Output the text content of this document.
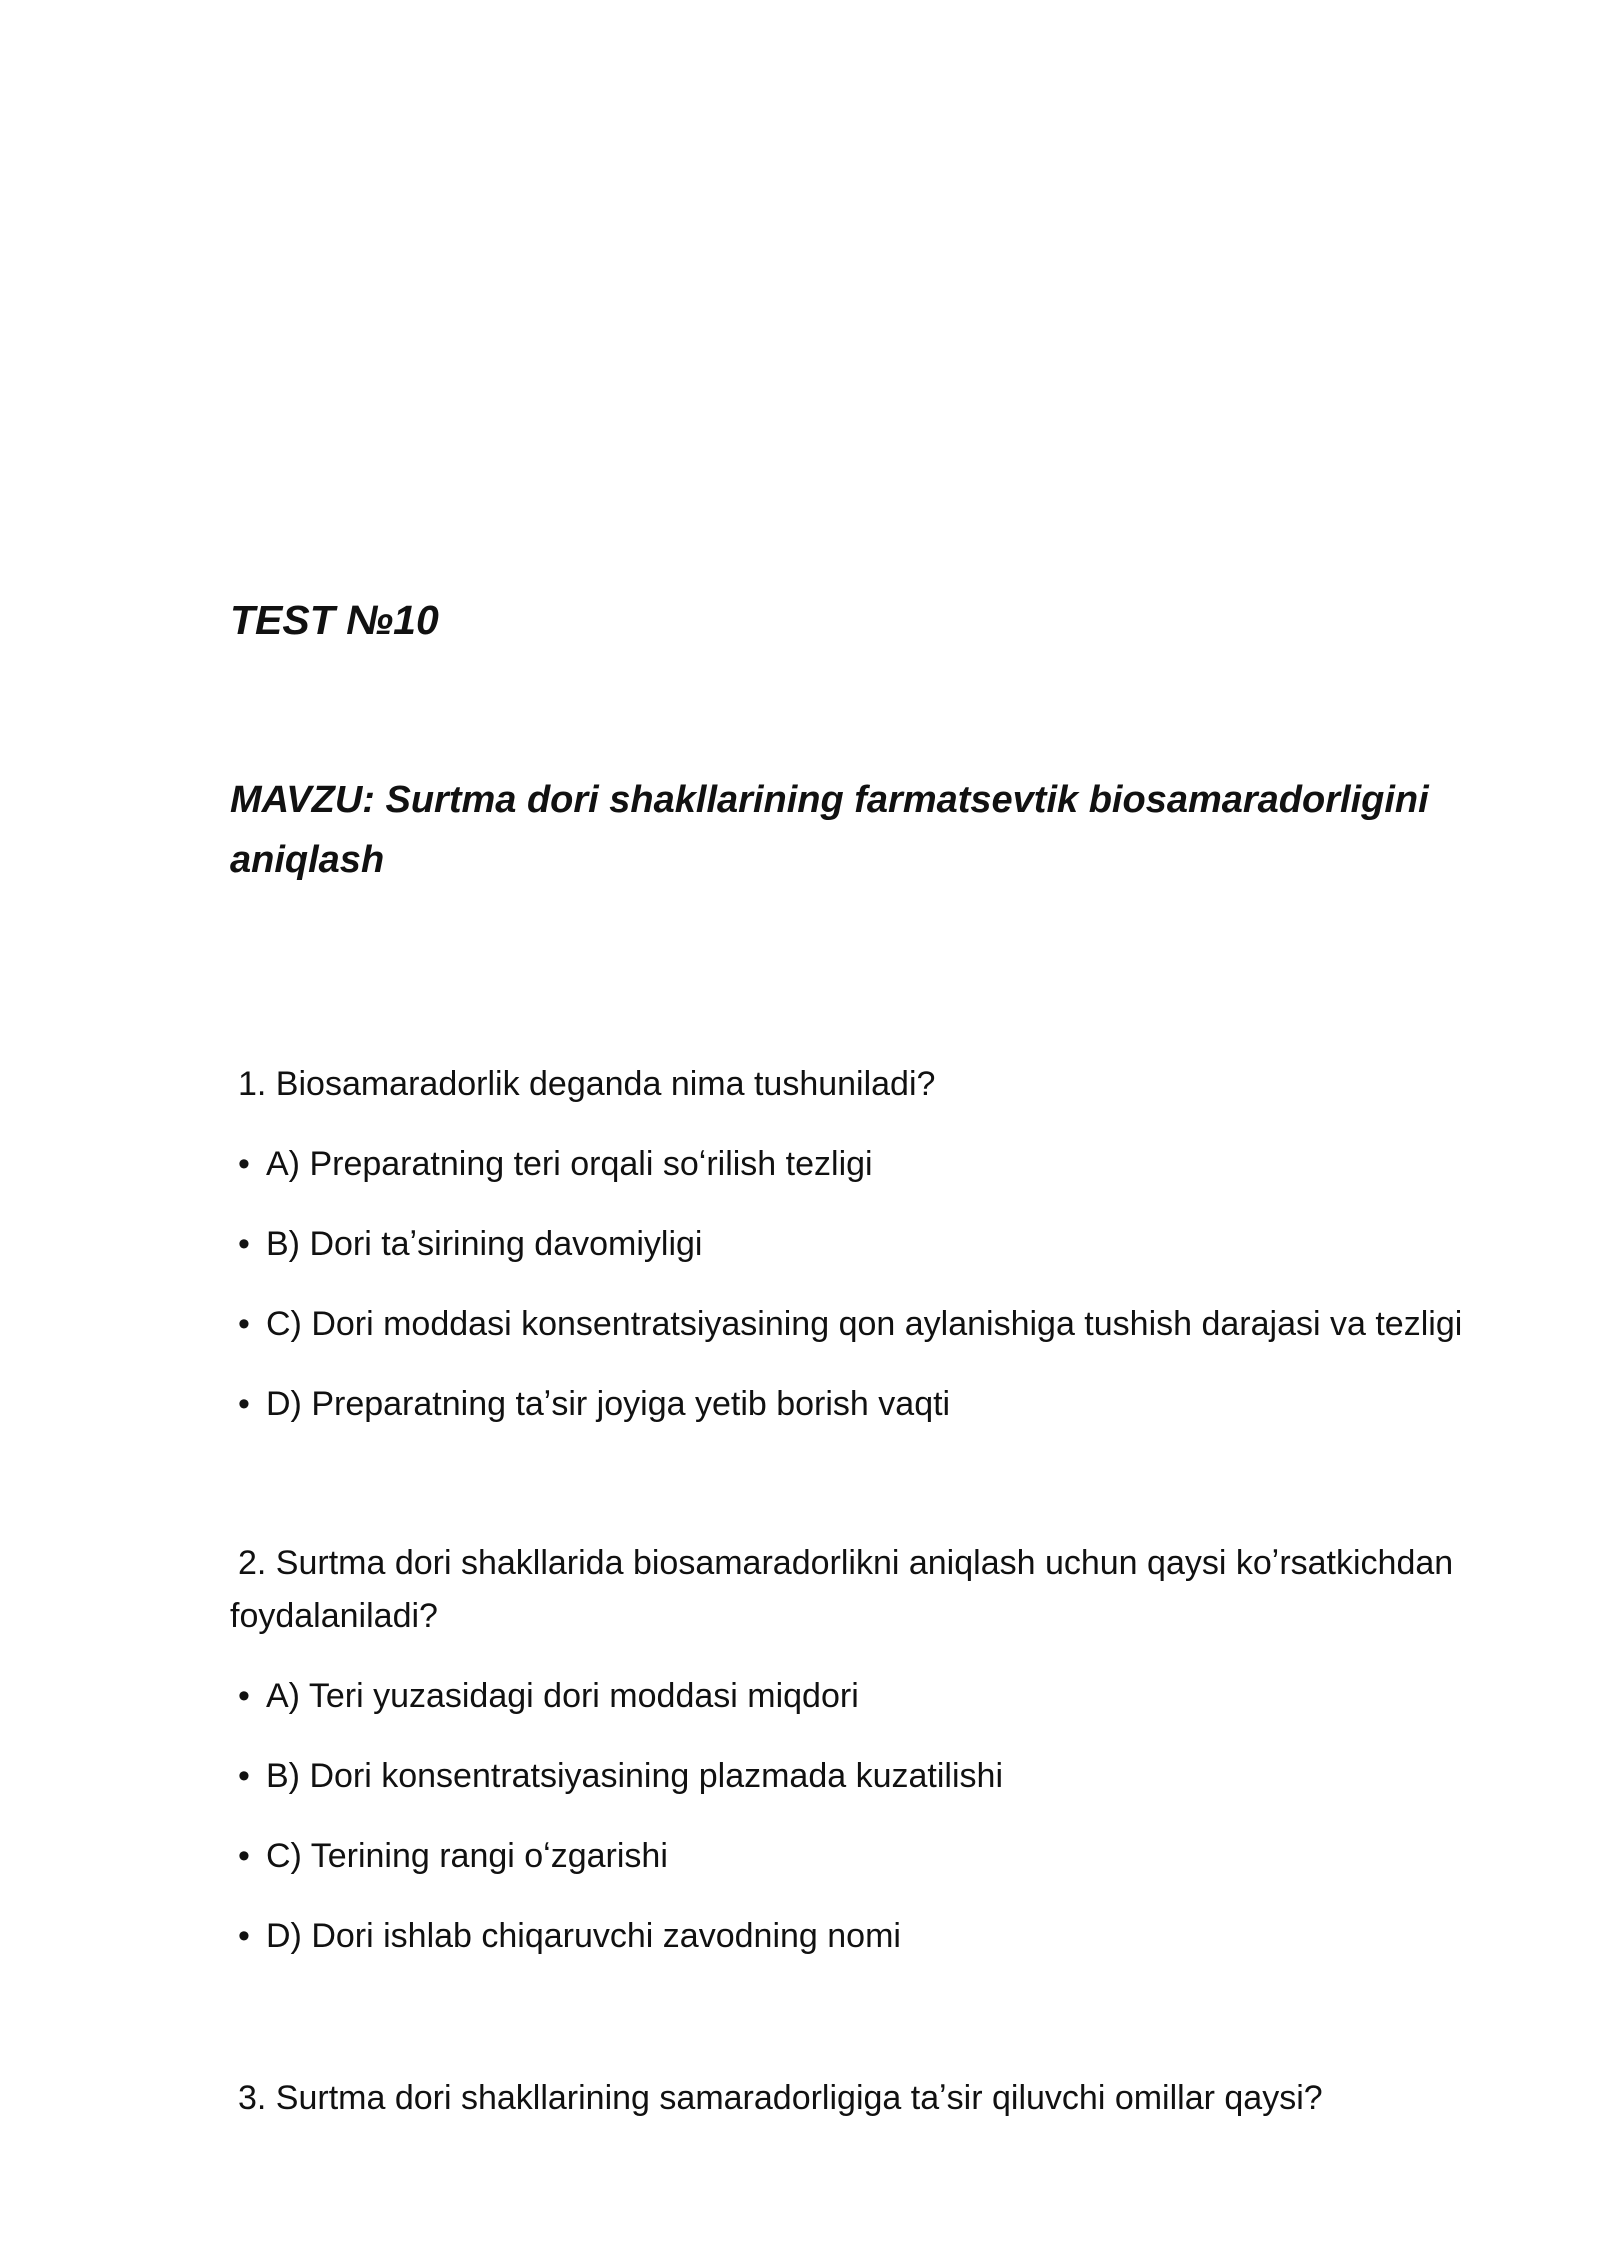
TEST №10
MAVZU: Surtma dori shakllarining farmatsevtik biosamaradorligini aniqlash

1. Biosamaradorlik deganda nima tushuniladi?

• A) Preparatning teri orqali soʻrilish tezligi
• B) Dori taʼsirining davomiyligi
• C) Dori moddasi konsentratsiyasining qon aylanishiga tushish darajasi va tezligi
• D) Preparatning taʼsir joyiga yetib borish vaqti

2. Surtma dori shakllarida biosamaradorlikni aniqlash uchun qaysi koʼrsatkichdan foydalaniladi?

• A) Teri yuzasidagi dori moddasi miqdori
• B) Dori konsentratsiyasining plazmada kuzatilishi
• C) Terining rangi oʻzgarishi
• D) Dori ishlab chiqaruvchi zavodning nomi

3. Surtma dori shakllarining samaradorligiga taʼsir qiluvchi omillar qaysi?
